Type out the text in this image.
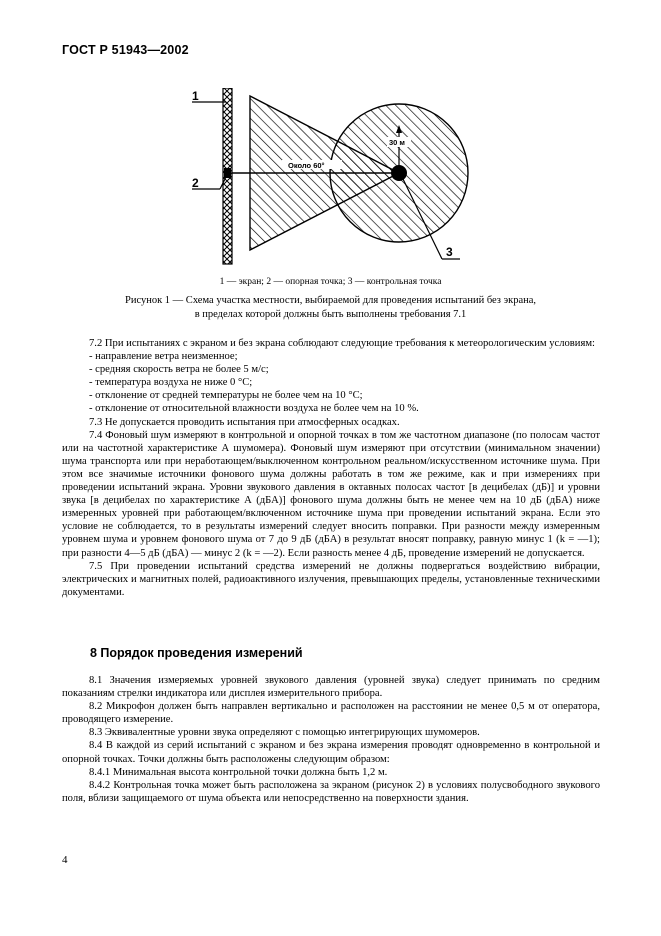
ГОСТ Р 51943—2002
30 м
Около 60°
1
2
3
1 — экран; 2 — опорная точка; 3 — контрольная точка
Рисунок 1 — Схема участка местности, выбираемой для проведения испытаний без экрана,
в пределах которой должны быть выполнены требования 7.1

7.2 При испытаниях с экраном и без экрана соблюдают следующие требования к метеорологическим условиям:

- направление ветра неизменное;

- средняя скорость ветра не более 5 м/с;

- температура воздуха не ниже 0 °С;

- отклонение от средней температуры не более чем на 10 °С;

- отклонение от относительной влажности воздуха не более чем на 10 %.

7.3 Не допускается проводить испытания при атмосферных осадках.

7.4 Фоновый шум измеряют в контрольной и опорной точках в том же частотном диапазоне (по полосам частот или на частотной характеристике А шумомера). Фоновый шум измеряют при отсутствии (минимальном значении) шума транспорта или при неработающем/выключенном контрольном реальном/искусственном источнике шума. При этом все значимые источники фонового шума должны работать в том же режиме, как и при измерениях при проведении испытаний экрана. Уровни звукового давления в октавных полосах частот [в децибелах (дБ)] и уровни звука [в децибелах по характеристике А (дБА)] фонового шума должны быть не менее чем на 10 дБ (дБА) ниже измеренных уровней при работающем/включенном источнике шума при проведении испытаний экрана. Если это условие не соблюдается, то в результаты измерений следует вносить поправки. При разности между измеренным уровнем шума и уровнем фонового шума от 7 до 9 дБ (дБА) в результат вносят поправку, равную минус 1 (k = —1); при разности 4—5 дБ (дБА) — минус 2 (k = —2). Если разность менее 4 дБ, проведение измерений не допускается.

7.5 При проведении испытаний средства измерений не должны подвергаться воздействию вибрации, электрических и магнитных полей, радиоактивного излучения, превышающих пределы, установленные техническими документами.

8 Порядок проведения измерений

8.1 Значения измеряемых уровней звукового давления (уровней звука) следует принимать по средним показаниям стрелки индикатора или дисплея измерительного прибора.

8.2 Микрофон должен быть направлен вертикально и расположен на расстоянии не менее 0,5 м от оператора, проводящего измерение.

8.3 Эквивалентные уровни звука определяют с помощью интегрирующих шумомеров.

8.4 В каждой из серий испытаний с экраном и без экрана измерения проводят одновременно в контрольной и опорной точках. Точки должны быть расположены следующим образом:

8.4.1 Минимальная высота контрольной точки должна быть 1,2 м.

8.4.2 Контрольная точка может быть расположена за экраном (рисунок 2) в условиях полусвободного звукового поля, вблизи защищаемого от шума объекта или непосредственно на поверхности здания.

4
